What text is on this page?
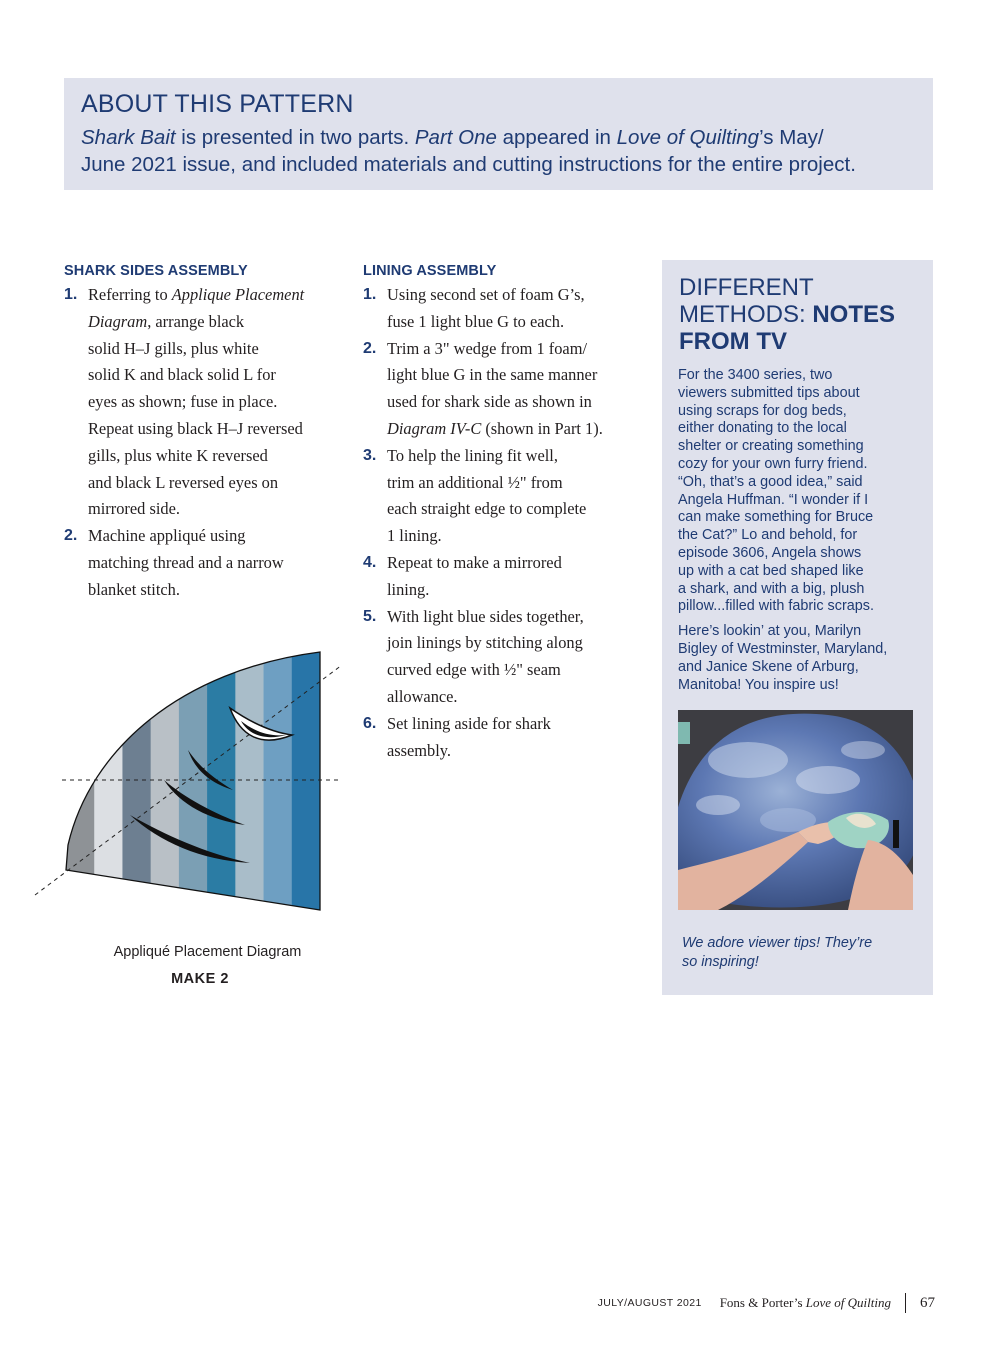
ABOUT THIS PATTERN
Shark Bait is presented in two parts. Part One appeared in Love of Quilting’s May/
June 2021 issue, and included materials and cutting instructions for the entire project.
SHARK SIDES ASSEMBLY
1. Referring to Applique Placement
Diagram, arrange black
solid H–J gills, plus white
solid K and black solid L for
eyes as shown; fuse in place.
Repeat using black H–J reversed
gills, plus white K reversed
and black L reversed eyes on
mirrored side.
2. Machine appliqué using
matching thread and a narrow
blanket stitch.
Appliqué Placement Diagram
MAKE 2
LINING ASSEMBLY
1. Using second set of foam G’s,
fuse 1 light blue G to each.
2. Trim a 3" wedge from 1 foam/
light blue G in the same manner
used for shark side as shown in
Diagram IV-C (shown in Part 1).
3. To help the lining fit well,
trim an additional ½" from
each straight edge to complete
1 lining.
4. Repeat to make a mirrored
lining.
5. With light blue sides together,
join linings by stitching along
curved edge with ½" seam
allowance.
6. Set lining aside for shark
assembly.
DIFFERENT
METHODS: NOTES
FROM TV

For the 3400 series, two
viewers submitted tips about
using scraps for dog beds,
either donating to the local
shelter or creating something
cozy for your own furry friend.
“Oh, that’s a good idea,” said
Angela Huffman. “I wonder if I
can make something for Bruce
the Cat?” Lo and behold, for
episode 3606, Angela shows
up with a cat bed shaped like
a shark, and with a big, plush
pillow...filled with fabric scraps.

Here’s lookin’ at you, Marilyn
Bigley of Westminster, Maryland,
and Janice Skene of Arburg,
Manitoba! You inspire us!

We adore viewer tips! They’re
so inspiring!
JULY/AUGUST 2021 Fons & Porter’s Love of Quilting 67
